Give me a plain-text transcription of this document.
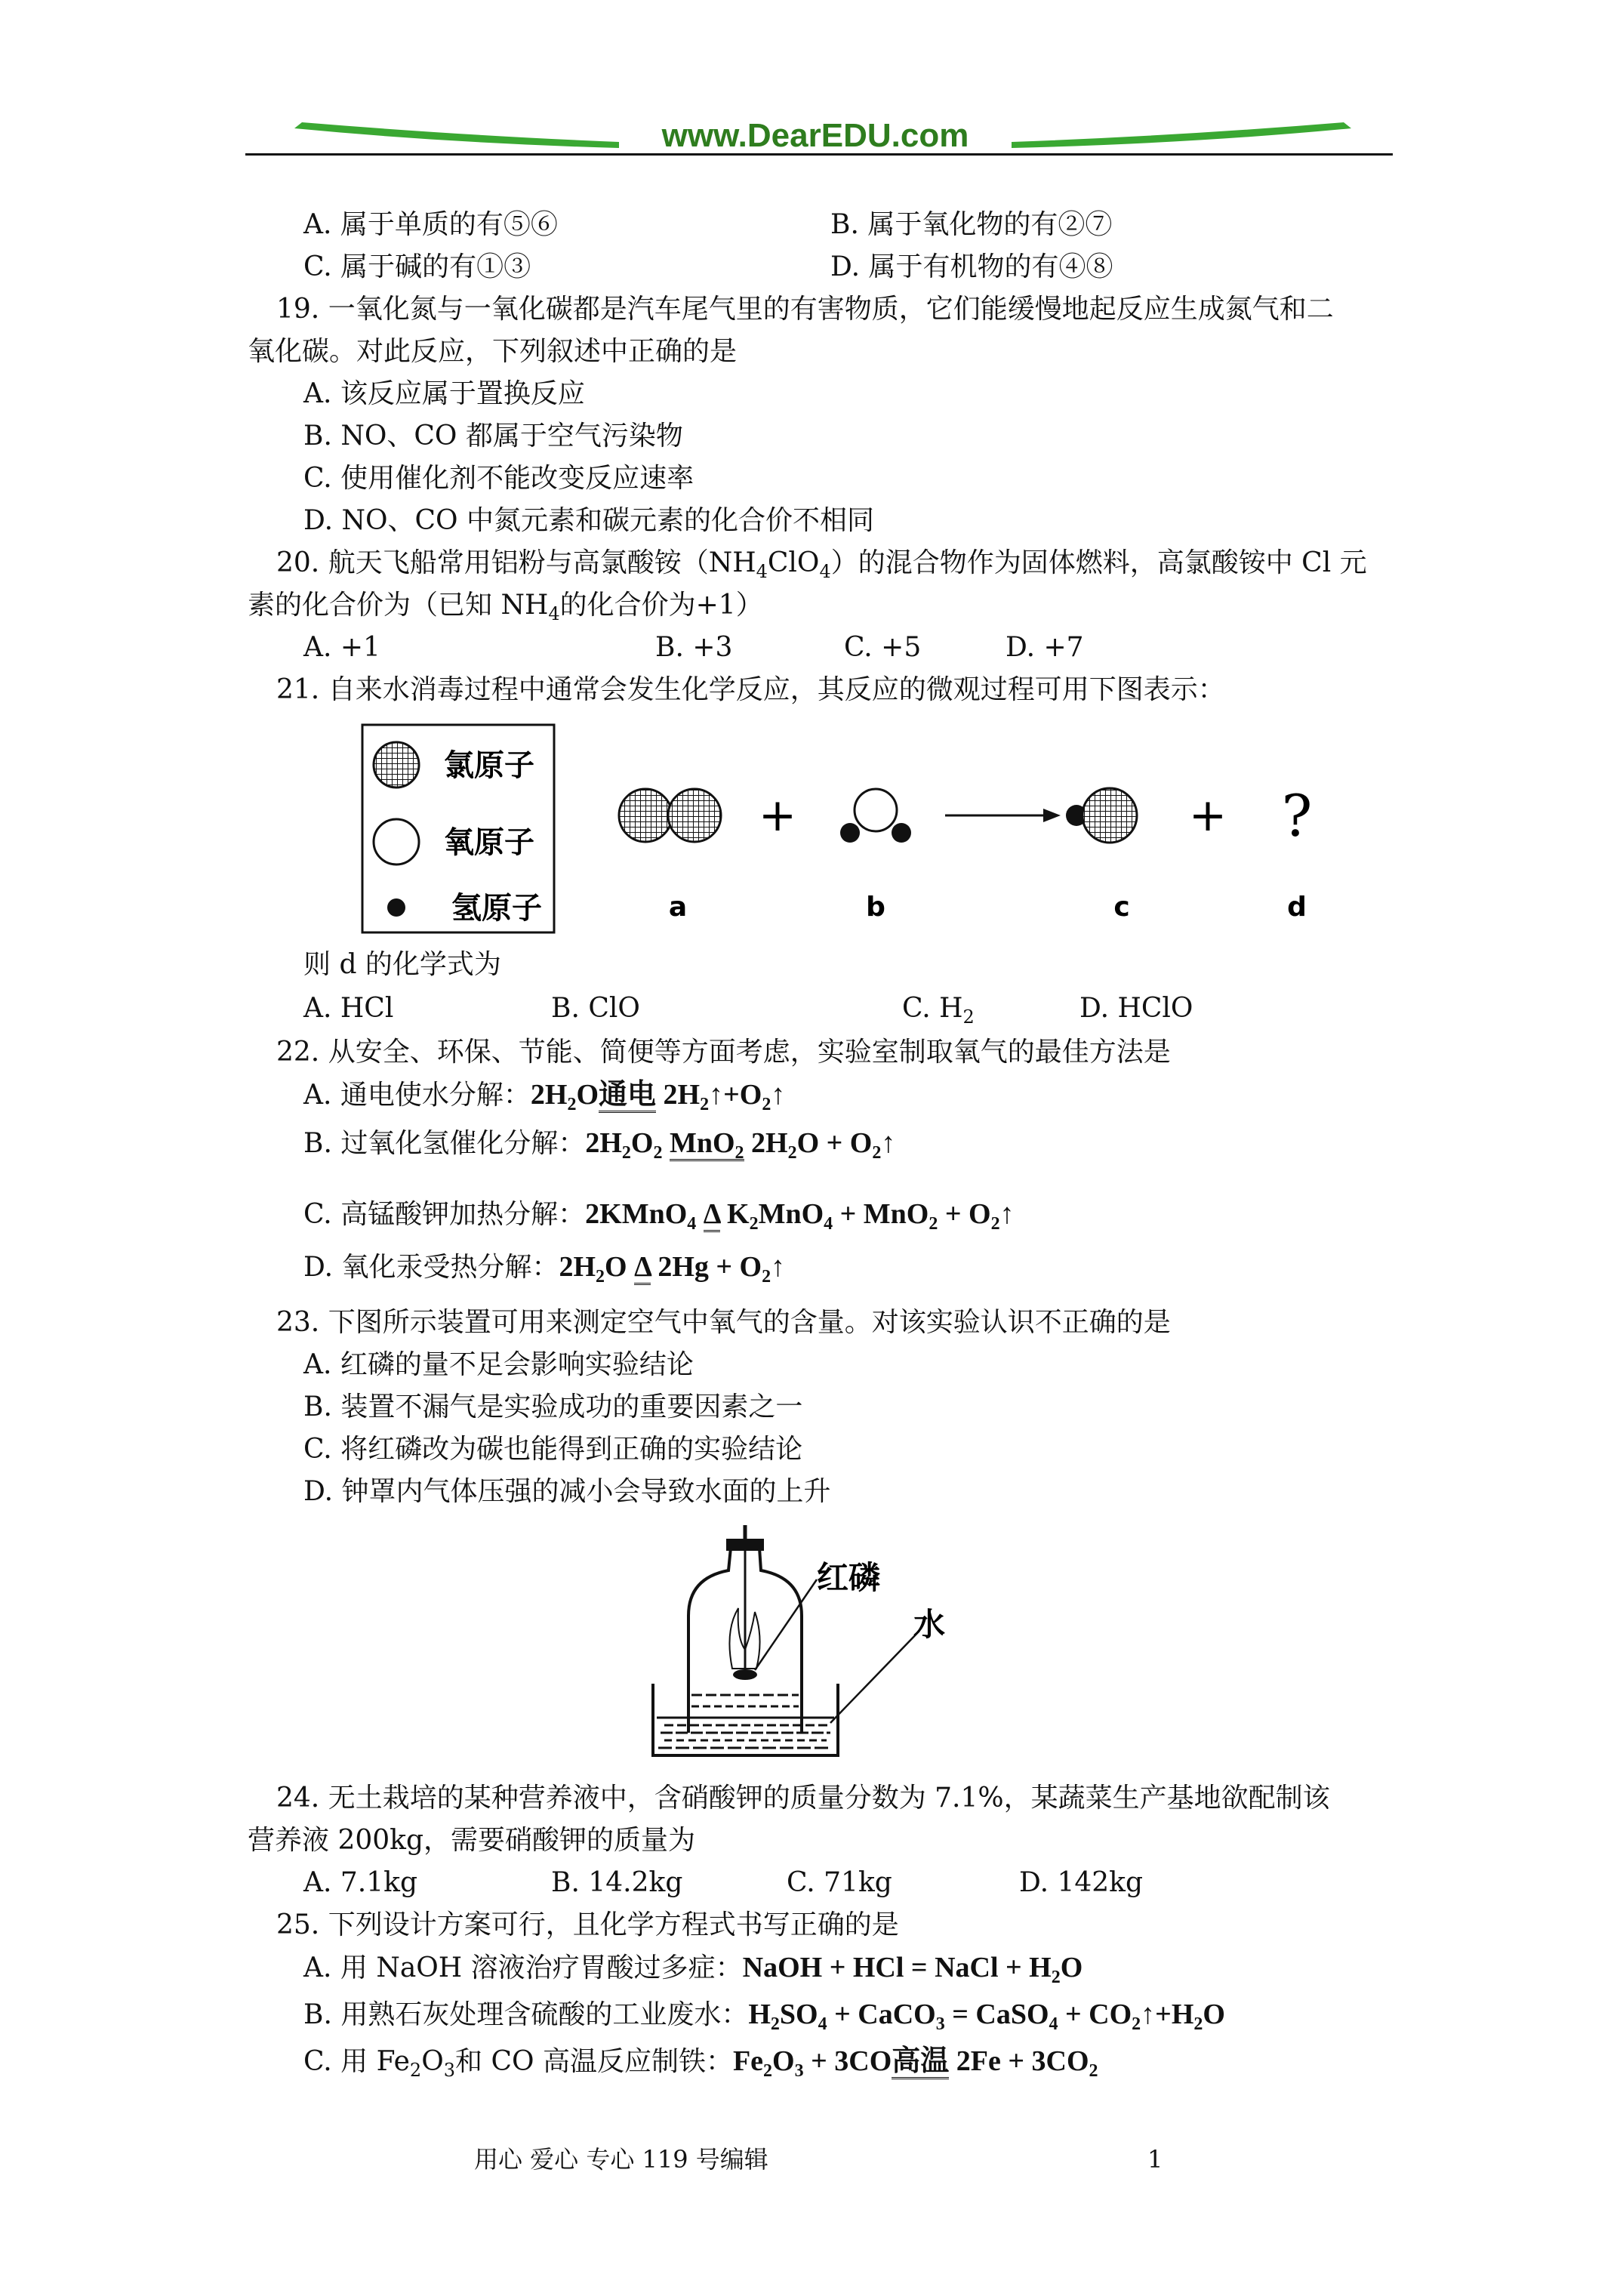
www.DearEDU.com
A. 属于单质的有⑤⑥	B. 属于氧化物的有②⑦
C. 属于碱的有①③	D. 属于有机物的有④⑧
19. 一氧化氮与一氧化碳都是汽车尾气里的有害物质，它们能缓慢地起反应生成氮气和二
氧化碳。对此反应，下列叙述中正确的是
A. 该反应属于置换反应
B. NO、CO 都属于空气污染物
C. 使用催化剂不能改变反应速率
D. NO、CO 中氮元素和碳元素的化合价不相同
20. 航天飞船常用铝粉与高氯酸铵$(NH_4ClO_4)$的混合物作为固体燃料，高氯酸铵中 Cl 元
素的化合价为（已知 $NH_4$的化合价为+1）
A. +1	B. +3	C. +5	D. +7
21. 自来水消毒过程中通常会发生化学反应，其反应的微观过程可用下图表示：
氯原子
氧原子
氢原子
+	+ ?
a	b	c	d
则 d 的化学式为
A. HCl	B. ClO	C. $H_2$	D. HClO
22. 从安全、环保、节能、简便等方面考虑，实验室制取氧气的最佳方法是
A. 通电使水分解：$2H_2O$通电 $2H_2↑+O_2↑$
B. 过氧化氢催化分解：$2H_2O_2$ MnO$_2$ $2H_2O$ + $O_2↑$
C. 高锰酸钾加热分解：2KMnO$_4$ Δ $K_2MnO_4 + MnO_2$ + $O_2↑$
D. 氧化汞受热分解：$2H_2O$ Δ $2Hg + O_2↑$
23. 下图所示装置可用来测定空气中氧气的含量。对该实验认识不正确的是
A. 红磷的量不足会影响实验结论
B. 装置不漏气是实验成功的重要因素之一
C. 将红磷改为碳也能得到正确的实验结论
D. 钟罩内气体压强的减小会导致水面的上升
红磷
水
24. 无土栽培的某种营养液中，含硝酸钾的质量分数为 7.1%，某蔬菜生产基地欲配制该
营养液 200kg，需要硝酸钾的质量为
A. 7.1kg	B. 14.2kg	C. 71kg	D. 142kg
25. 下列设计方案可行，且化学方程式书写正确的是
A. 用 NaOH 溶液治疗胃酸过多症：NaOH + HCl = NaCl + $H_2O$
B. 用熟石灰处理含硫酸的工业废水：$H_2SO_4$ + CaCO$_3$ = CaSO$_4$ + $CO_2↑+H_2O$
C. 用 $Fe_2O_3$和 CO 高温反应制铁：$Fe_2O_3 + 3CO$高温 $2Fe + 3CO_2$
用心 爱心 专心 119 号编辑	1
